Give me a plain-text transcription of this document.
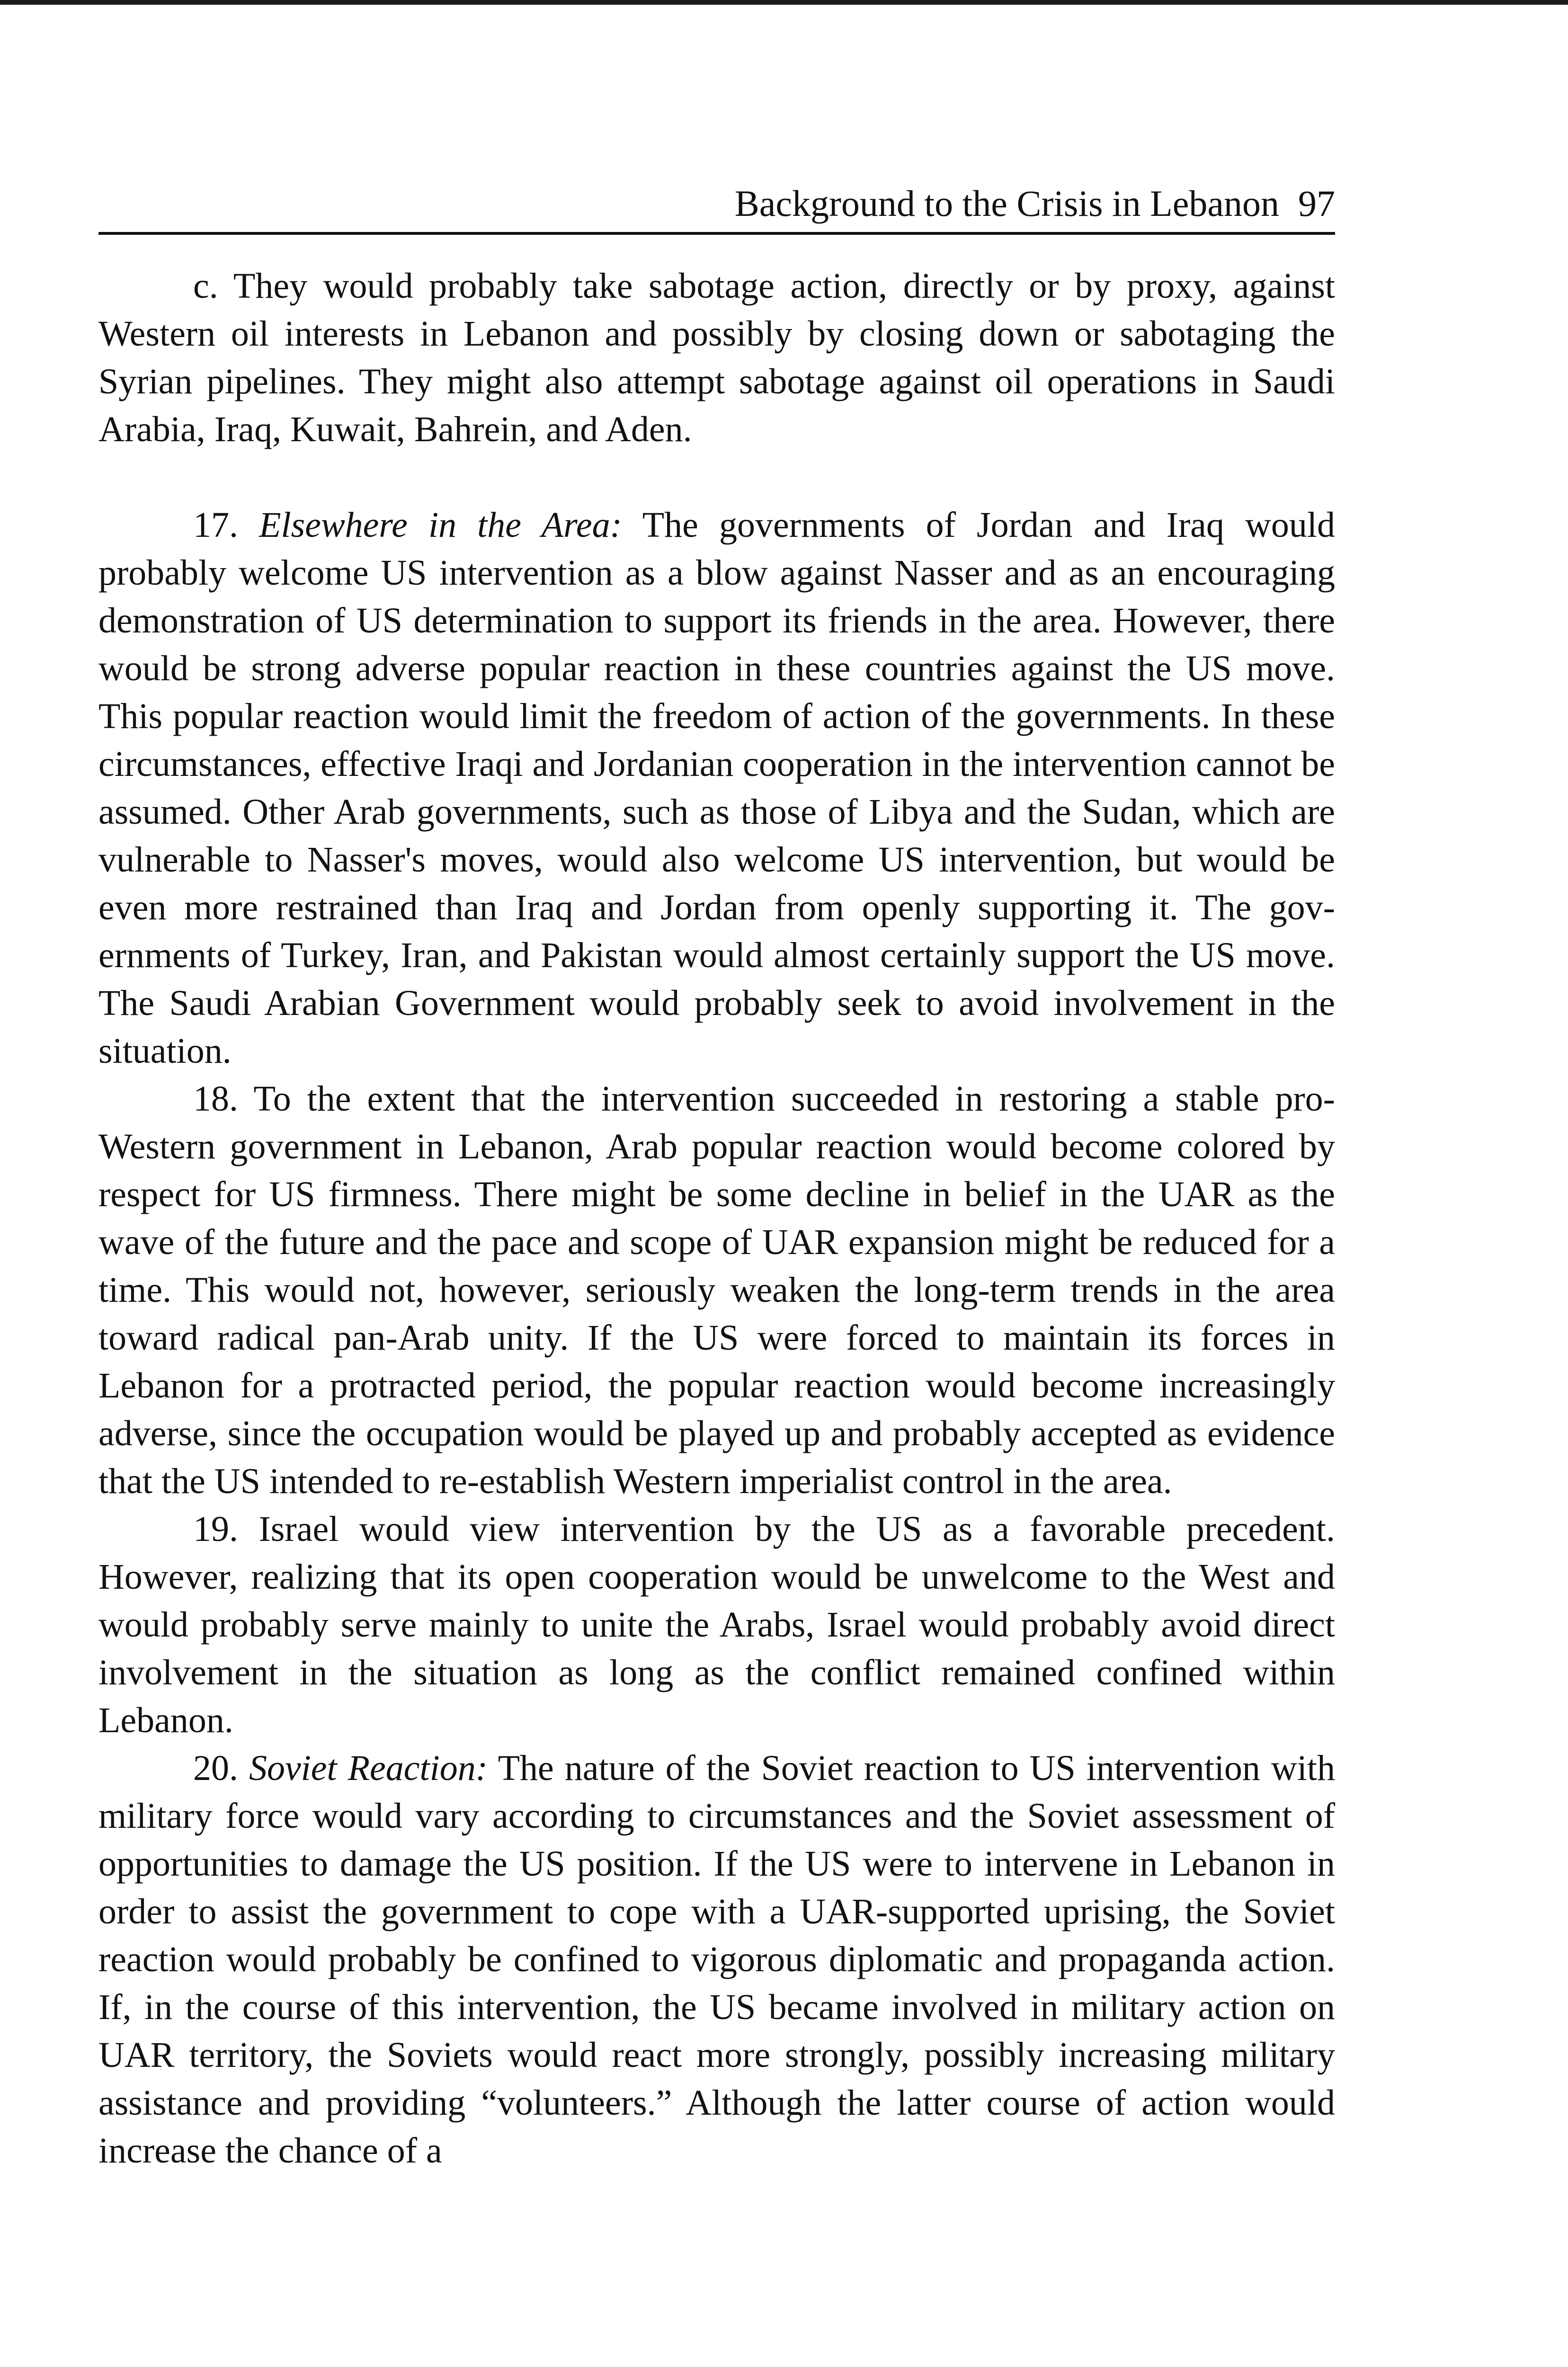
Background to the Crisis in Lebanon 97

c. They would probably take sabotage action, directly or by proxy, against Western oil interests in Lebanon and possibly by closing down or sabotaging the Syrian pipelines. They might also attempt sabotage against oil operations in Saudi Arabia, Iraq, Kuwait, Bahrein, and Aden.

17. Elsewhere in the Area: The governments of Jordan and Iraq would probably welcome US intervention as a blow against Nasser and as an encouraging demonstration of US determination to support its friends in the area. However, there would be strong adverse popular reaction in these countries against the US move. This popular reaction would limit the freedom of action of the governments. In these circumstances, effective Iraqi and Jordanian cooperation in the intervention cannot be assumed. Other Arab governments, such as those of Libya and the Sudan, which are vulnerable to Nasser's moves, would also welcome US intervention, but would be even more restrained than Iraq and Jordan from openly supporting it. The governments of Turkey, Iran, and Pakistan would almost certainly support the US move. The Saudi Arabian Government would probably seek to avoid involvement in the situation.

18. To the extent that the intervention succeeded in restoring a stable pro-Western government in Lebanon, Arab popular reaction would become colored by respect for US firmness. There might be some decline in belief in the UAR as the wave of the future and the pace and scope of UAR expansion might be reduced for a time. This would not, however, seriously weaken the long-term trends in the area toward radical pan-Arab unity. If the US were forced to maintain its forces in Lebanon for a protracted period, the popular reaction would become increasingly adverse, since the occupation would be played up and probably accepted as evidence that the US intended to re-establish Western imperialist control in the area.

19. Israel would view intervention by the US as a favorable precedent. However, realizing that its open cooperation would be unwelcome to the West and would probably serve mainly to unite the Arabs, Israel would probably avoid direct involvement in the situation as long as the conflict remained confined within Lebanon.

20. Soviet Reaction: The nature of the Soviet reaction to US intervention with military force would vary according to circumstances and the Soviet assessment of opportunities to damage the US position. If the US were to intervene in Lebanon in order to assist the government to cope with a UAR-supported uprising, the Soviet reaction would probably be confined to vigorous diplomatic and propaganda action. If, in the course of this intervention, the US became involved in military action on UAR territory, the Soviets would react more strongly, possibly increasing military assistance and providing “volunteers.” Although the latter course of action would increase the chance of a
